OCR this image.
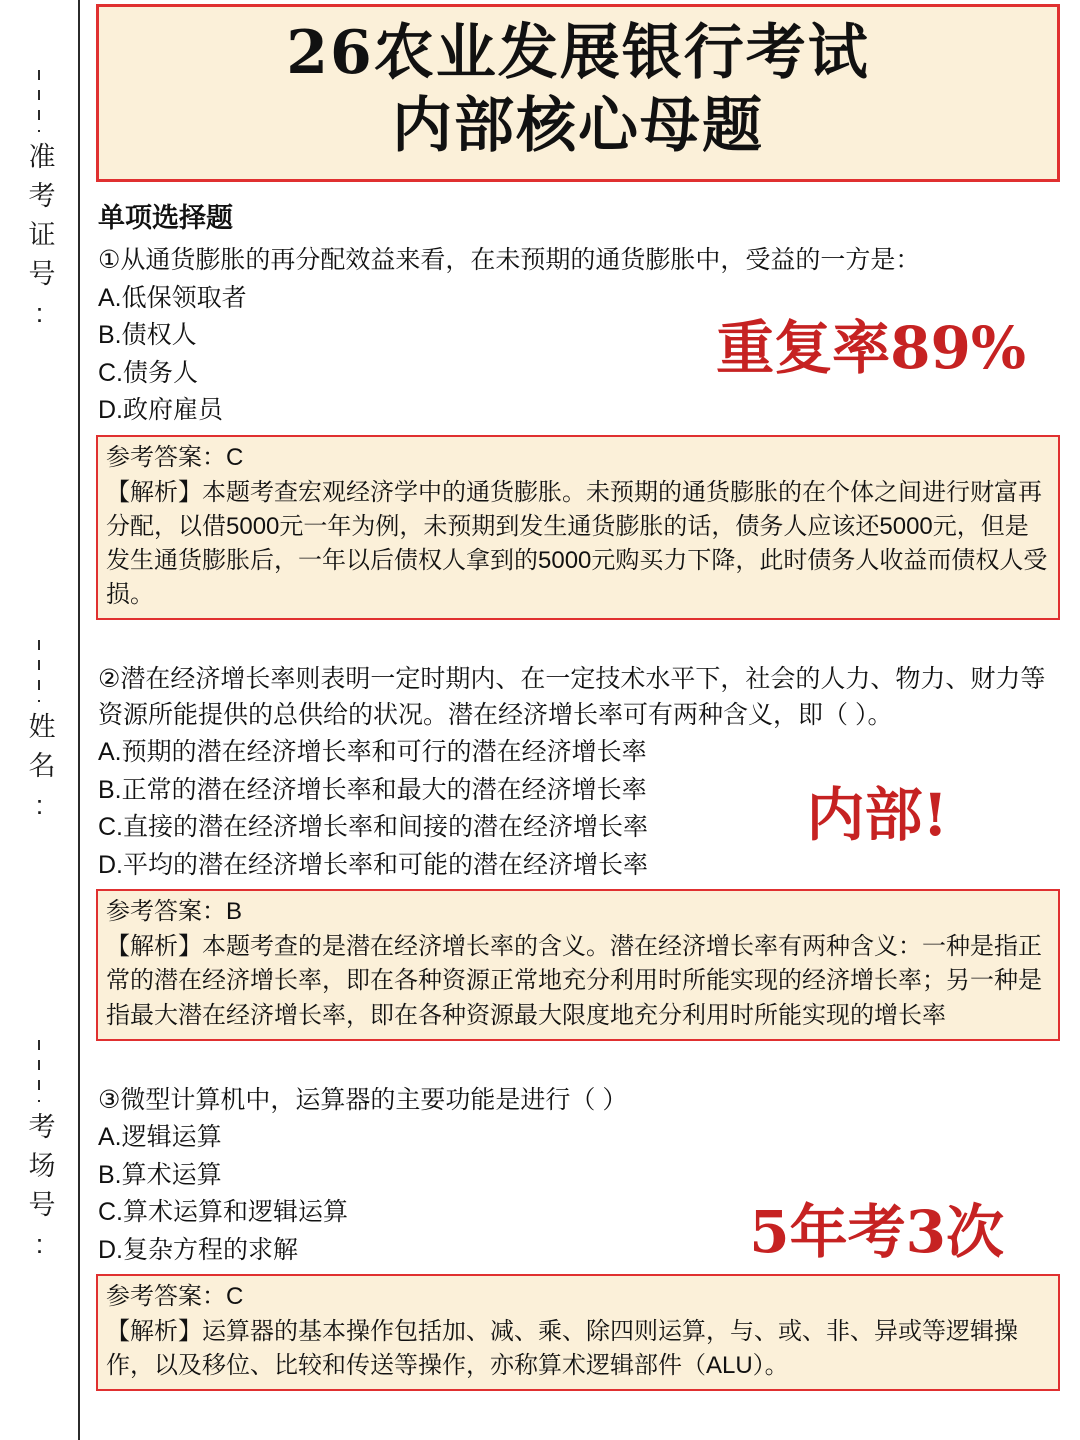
准考证号:
姓名:
考场号:
26农业发展银行考试
内部核心母题
单项选择题
重复率89%
①从通货膨胀的再分配效益来看，在未预期的通货膨胀中，受益的一方是：
A.低保领取者
B.债权人
C.债务人
D.政府雇员
参考答案：C
【解析】本题考查宏观经济学中的通货膨胀。未预期的通货膨胀的在个体之间进行财富再分配，以借5000元一年为例，未预期到发生通货膨胀的话，债务人应该还5000元，但是发生通货膨胀后，一年以后债权人拿到的5000元购买力下降，此时债务人收益而债权人受损。
内部!
②潜在经济增长率则表明一定时期内、在一定技术水平下，社会的人力、物力、财力等资源所能提供的总供给的状况。潜在经济增长率可有两种含义，即（ ）。
A.预期的潜在经济增长率和可行的潜在经济增长率
B.正常的潜在经济增长率和最大的潜在经济增长率
C.直接的潜在经济增长率和间接的潜在经济增长率
D.平均的潜在经济增长率和可能的潜在经济增长率
参考答案：B
【解析】本题考查的是潜在经济增长率的含义。潜在经济增长率有两种含义：一种是指正常的潜在经济增长率，即在各种资源正常地充分利用时所能实现的经济增长率；另一种是指最大潜在经济增长率，即在各种资源最大限度地充分利用时所能实现的增长率
5年考3次
③微型计算机中，运算器的主要功能是进行（ ）
A.逻辑运算
B.算术运算
C.算术运算和逻辑运算
D.复杂方程的求解
参考答案：C
【解析】运算器的基本操作包括加、减、乘、除四则运算，与、或、非、异或等逻辑操作，以及移位、比较和传送等操作，亦称算术逻辑部件（ALU）。
